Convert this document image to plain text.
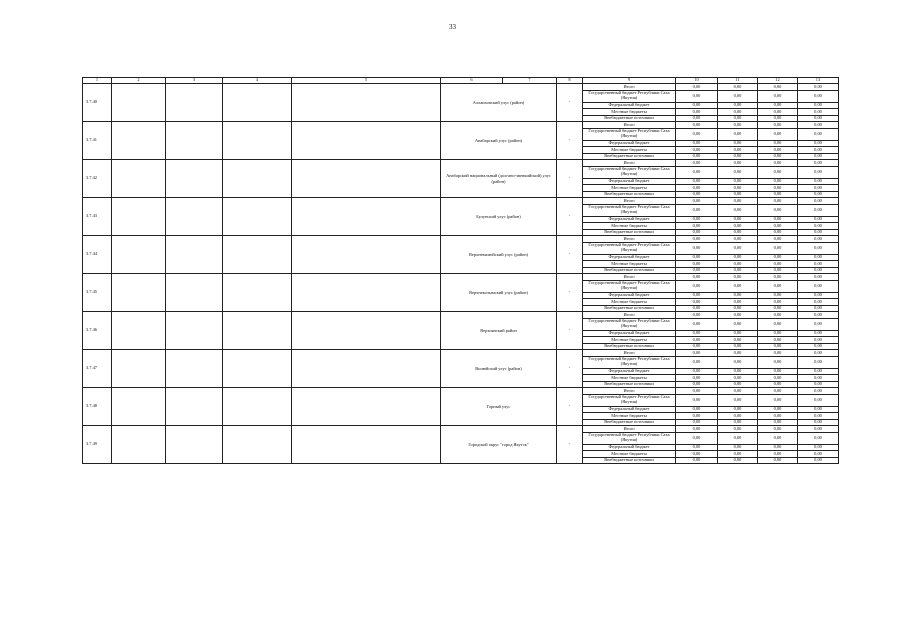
33
1	2	3	4	5	6	7	8	9	10	11	12	13
3.7.40					Аллаиховский улус (район)		-	Итого	0,00	0,00	0,00	0,00
								Государственный бюджет Республики Саха (Якутия)	0,00	0,00	0,00	0,00
								Федеральный бюджет	0,00	0,00	0,00	0,00
								Местные бюджеты	0,00	0,00	0,00	0,00
								Внебюджетные источники	0,00	0,00	0,00	0,00
3.7.41					Анабарский улус (район)		-	Итого	0,00	0,00	0,00	0,00
								Государственный бюджет Республики Саха (Якутия)	0,00	0,00	0,00	0,00
								Федеральный бюджет	0,00	0,00	0,00	0,00
								Местные бюджеты	0,00	0,00	0,00	0,00
								Внебюджетные источники	0,00	0,00	0,00	0,00
3.7.42					Анабарский национальный (долгано-эвенкийский) улус (район)		-	Итого	0,00	0,00	0,00	0,00
								Государственный бюджет Республики Саха (Якутия)	0,00	0,00	0,00	0,00
								Федеральный бюджет	0,00	0,00	0,00	0,00
								Местные бюджеты	0,00	0,00	0,00	0,00
								Внебюджетные источники	0,00	0,00	0,00	0,00
3.7.43					Булунский улус (район)		-	Итого	0,00	0,00	0,00	0,00
								Государственный бюджет Республики Саха (Якутия)	0,00	0,00	0,00	0,00
								Федеральный бюджет	0,00	0,00	0,00	0,00
								Местные бюджеты	0,00	0,00	0,00	0,00
								Внебюджетные источники	0,00	0,00	0,00	0,00
3.7.44					Верхневилюйский улус (район)		-	Итого	0,00	0,00	0,00	0,00
								Государственный бюджет Республики Саха (Якутия)	0,00	0,00	0,00	0,00
								Федеральный бюджет	0,00	0,00	0,00	0,00
								Местные бюджеты	0,00	0,00	0,00	0,00
								Внебюджетные источники	0,00	0,00	0,00	0,00
3.7.45					Верхнеколымский улус (район)		-	Итого	0,00	0,00	0,00	0,00
								Государственный бюджет Республики Саха (Якутия)	0,00	0,00	0,00	0,00
								Федеральный бюджет	0,00	0,00	0,00	0,00
								Местные бюджеты	0,00	0,00	0,00	0,00
								Внебюджетные источники	0,00	0,00	0,00	0,00
3.7.46					Верхоянский район		-	Итого	0,00	0,00	0,00	0,00
								Государственный бюджет Республики Саха (Якутия)	0,00	0,00	0,00	0,00
								Федеральный бюджет	0,00	0,00	0,00	0,00
								Местные бюджеты	0,00	0,00	0,00	0,00
								Внебюджетные источники	0,00	0,00	0,00	0,00
3.7.47					Вилюйский улус (район)		-	Итого	0,00	0,00	0,00	0,00
								Государственный бюджет Республики Саха (Якутия)	0,00	0,00	0,00	0,00
								Федеральный бюджет	0,00	0,00	0,00	0,00
								Местные бюджеты	0,00	0,00	0,00	0,00
								Внебюджетные источники	0,00	0,00	0,00	0,00
3.7.48					Горный улус		-	Итого	0,00	0,00	0,00	0,00
								Государственный бюджет Республики Саха (Якутия)	0,00	0,00	0,00	0,00
								Федеральный бюджет	0,00	0,00	0,00	0,00
								Местные бюджеты	0,00	0,00	0,00	0,00
								Внебюджетные источники	0,00	0,00	0,00	0,00
3.7.49					Городской округ "город Якутск"		-	Итого	0,00	0,00	0,00	0,00
								Государственный бюджет Республики Саха (Якутия)	0,00	0,00	0,00	0,00
								Федеральный бюджет	0,00	0,00	0,00	0,00
								Местные бюджеты	0,00	0,00	0,00	0,00
								Внебюджетные источники	0,00	0,00	0,00	0,00
